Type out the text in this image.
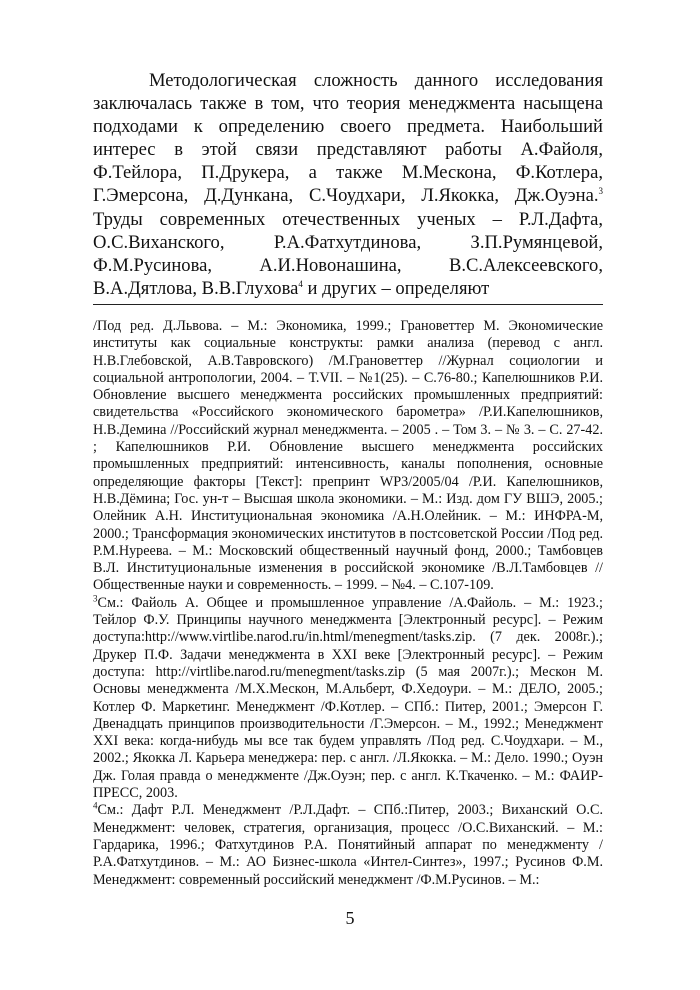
Методологическая сложность данного исследования заключалась также в том, что теория менеджмента насыщена подходами к определению своего предмета. Наибольший интерес в этой связи представляют работы А.Файоля, Ф.Тейлора, П.Друкера, а также М.Мескона, Ф.Котлера, Г.Эмерсона, Д.Дункана, С.Чоудхари, Л.Якокка, Дж.Оуэна.$^3$ Труды современных отечественных ученых – Р.Л.Дафта, О.С.Виханского, Р.А.Фатхутдинова, З.П.Румянцевой, Ф.М.Русинова, А.И.Новонашина, В.С.Алексеевского, В.А.Дятлова, В.В.Глухова$^4$ и других – определяют

/Под ред. Д.Львова. – М.: Экономика, 1999.; Грановеттер М. Экономические институты как социальные конструкты: рамки анализа (перевод с англ. Н.В.Глебовской, А.В.Тавровского) /М.Грановеттер //Журнал социологии и социальной антропологии, 2004. – Т.VII. – №1(25). – С.76-80.; Капелюшников Р.И. Обновление высшего менеджмента российских промышленных предприятий: свидетельства «Российского экономического барометра» /Р.И.Капелюшников, Н.В.Демина //Российский журнал менеджмента. – 2005 . – Том 3. – № 3. – С. 27-42. ; Капелюшников Р.И. Обновление высшего менеджмента российских промышленных предприятий: интенсивность, каналы пополнения, основные определяющие факторы [Текст]: препринт WP3/2005/04 /Р.И. Капелюшников, Н.В.Дёмина; Гос. ун-т – Высшая школа экономики. – М.: Изд. дом ГУ ВШЭ, 2005.; Олейник А.Н. Институциональная экономика /А.Н.Олейник. – М.: ИНФРА-М, 2000.; Трансформация экономических институтов в постсоветской России /Под ред. Р.М.Нуреева. – М.: Московский общественный научный фонд, 2000.; Тамбовцев В.Л. Институциональные изменения в российской экономике /В.Л.Тамбовцев //Общественные науки и современность. – 1999. – №4. – С.107-109.

$^3$См.: Файоль А. Общее и промышленное управление /А.Файоль. – М.: 1923.; Тейлор Ф.У. Принципы научного менеджмента [Электронный ресурс]. – Режим доступа:http://www.virtlibe.narod.ru/in.html/menegment/tasks.zip. (7 дек. 2008г.).; Друкер П.Ф. Задачи менеджмента в XXI веке [Электронный ресурс]. – Режим доступа: http://virtlibe.narod.ru/menegment/tasks.zip (5 мая 2007г.).; Мескон М. Основы менеджмента /М.Х.Мескон, М.Альберт, Ф.Хедоури. – М.: ДЕЛО, 2005.; Котлер Ф. Маркетинг. Менеджмент /Ф.Котлер. – СПб.: Питер, 2001.; Эмерсон Г. Двенадцать принципов производительности /Г.Эмерсон. – М., 1992.; Менеджмент XXI века: когда-нибудь мы все так будем управлять /Под ред. С.Чоудхари. – М., 2002.; Якокка Л. Карьера менеджера: пер. с англ. /Л.Якокка. – М.: Дело. 1990.; Оуэн Дж. Голая правда о менеджменте /Дж.Оуэн; пер. с англ. К.Ткаченко. – М.: ФАИР-ПРЕСС, 2003.

$^4$См.: Дафт Р.Л. Менеджмент /Р.Л.Дафт. – СПб.:Питер, 2003.; Виханский О.С. Менеджмент: человек, стратегия, организация, процесс /О.С.Виханский. – М.: Гардарика, 1996.; Фатхутдинов Р.А. Понятийный аппарат по менеджменту /Р.А.Фатхутдинов. – М.: АО Бизнес-школа «Интел-Синтез», 1997.; Русинов Ф.М. Менеджмент: современный российский менеджмент /Ф.М.Русинов. – М.:

5
